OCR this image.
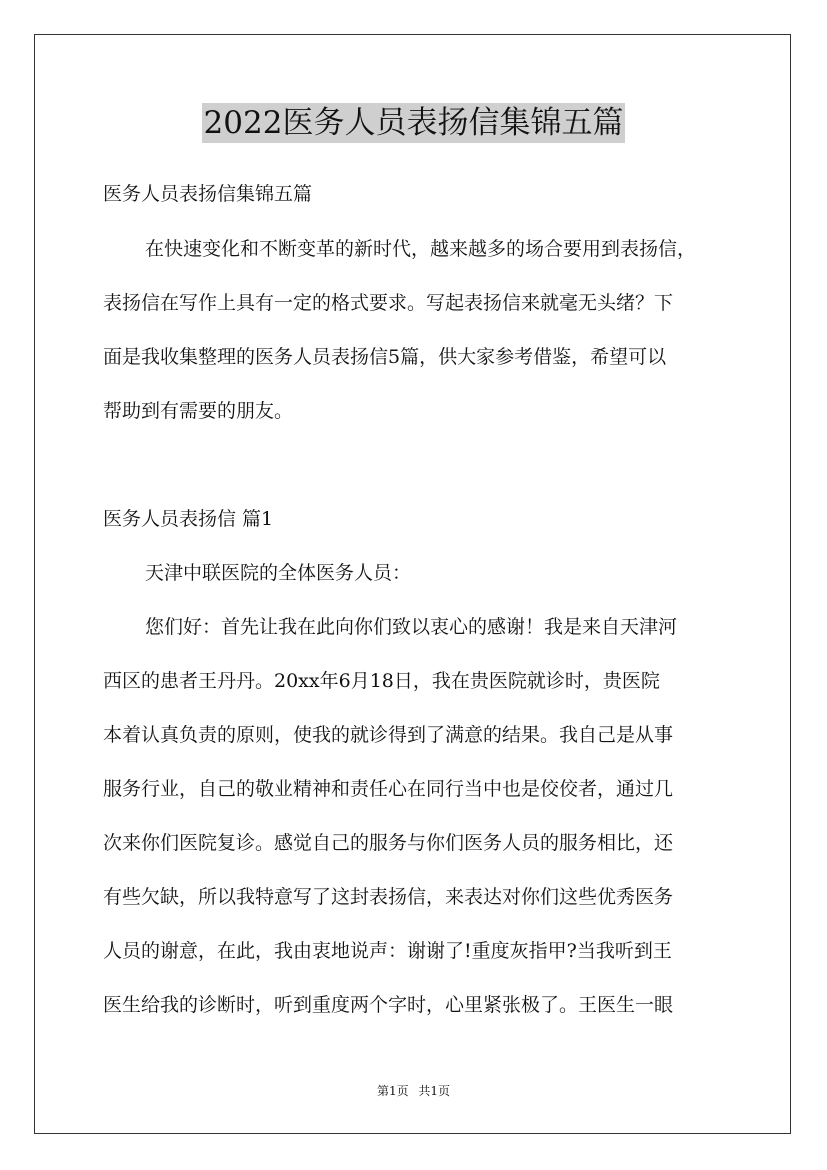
2022医务人员表扬信集锦五篇
医务人员表扬信集锦五篇
在快速变化和不断变革的新时代，越来越多的场合要用到表扬信，
表扬信在写作上具有一定的格式要求。写起表扬信来就毫无头绪？下
面是我收集整理的医务人员表扬信5篇，供大家参考借鉴，希望可以
帮助到有需要的朋友。
医务人员表扬信 篇1
天津中联医院的全体医务人员：
您们好：首先让我在此向你们致以衷心的感谢！我是来自天津河
西区的患者王丹丹。20xx年6月18日，我在贵医院就诊时，贵医院
本着认真负责的原则，使我的就诊得到了满意的结果。我自己是从事
服务行业，自己的敬业精神和责任心在同行当中也是佼佼者，通过几
次来你们医院复诊。感觉自己的服务与你们医务人员的服务相比，还
有些欠缺，所以我特意写了这封表扬信，来表达对你们这些优秀医务
人员的谢意，在此，我由衷地说声：谢谢了!重度灰指甲?当我听到王
医生给我的诊断时，听到重度两个字时，心里紧张极了。王医生一眼
第1页 共1页
